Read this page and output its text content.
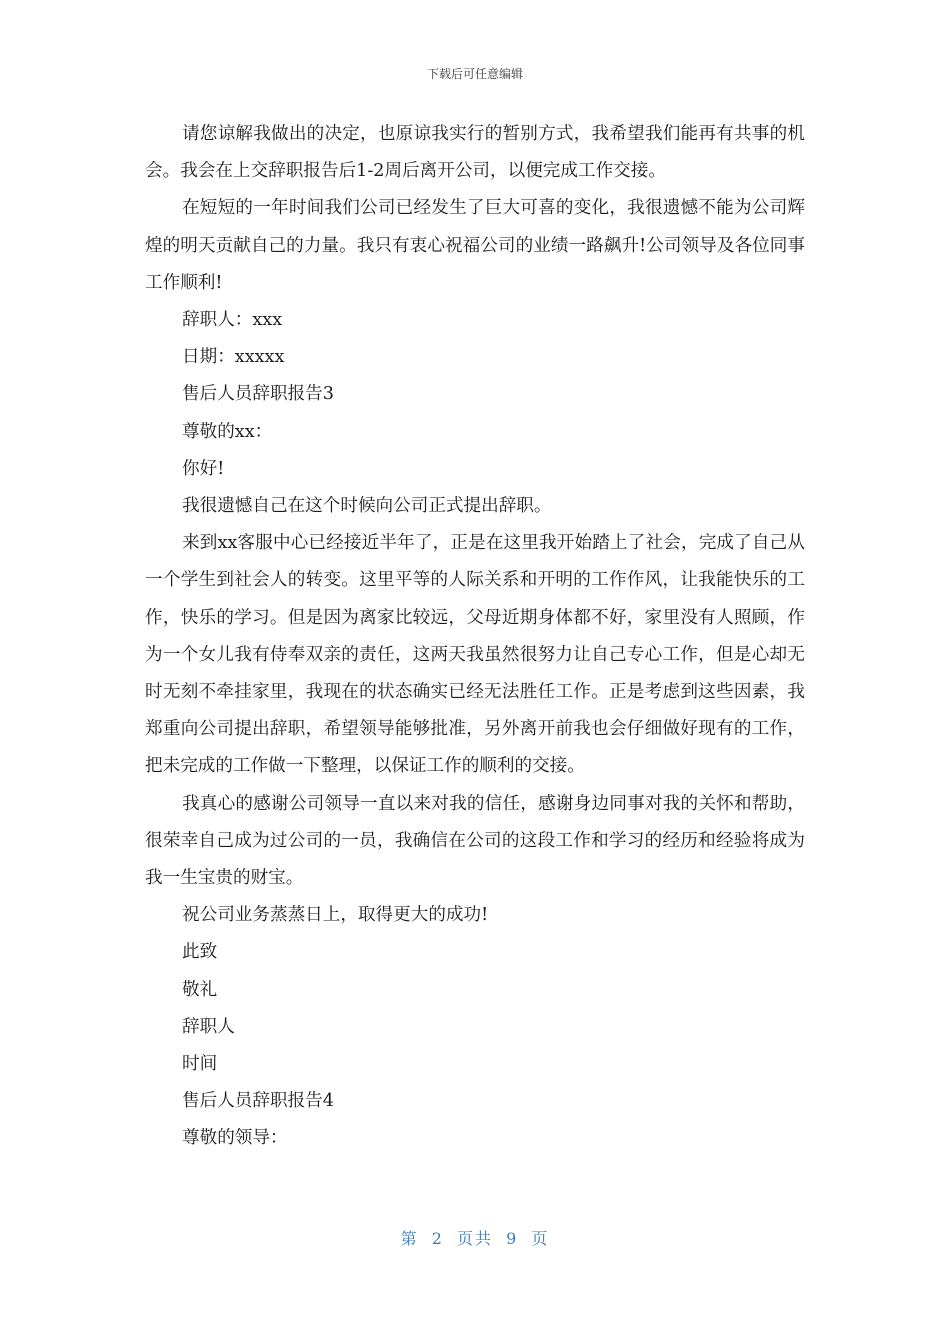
下载后可任意编辑

请您谅解我做出的决定，也原谅我实行的暂别方式，我希望我们能再有共事的机会。我会在上交辞职报告后1-2周后离开公司，以便完成工作交接。

在短短的一年时间我们公司已经发生了巨大可喜的变化，我很遗憾不能为公司辉煌的明天贡献自己的力量。我只有衷心祝福公司的业绩一路飙升!公司领导及各位同事工作顺利!

辞职人：xxx

日期：xxxxx

售后人员辞职报告3

尊敬的xx：

你好!

我很遗憾自己在这个时候向公司正式提出辞职。

来到xx客服中心已经接近半年了，正是在这里我开始踏上了社会，完成了自己从一个学生到社会人的转变。这里平等的人际关系和开明的工作作风，让我能快乐的工作，快乐的学习。但是因为离家比较远，父母近期身体都不好，家里没有人照顾，作为一个女儿我有侍奉双亲的责任，这两天我虽然很努力让自己专心工作，但是心却无时无刻不牵挂家里，我现在的状态确实已经无法胜任工作。正是考虑到这些因素，我郑重向公司提出辞职，希望领导能够批准，另外离开前我也会仔细做好现有的工作，把未完成的工作做一下整理，以保证工作的顺利的交接。

我真心的感谢公司领导一直以来对我的信任，感谢身边同事对我的关怀和帮助，很荣幸自己成为过公司的一员，我确信在公司的这段工作和学习的经历和经验将成为我一生宝贵的财宝。

祝公司业务蒸蒸日上，取得更大的成功!

此致

敬礼

辞职人

时间

售后人员辞职报告4

尊敬的领导：

第 2 页共 9 页
